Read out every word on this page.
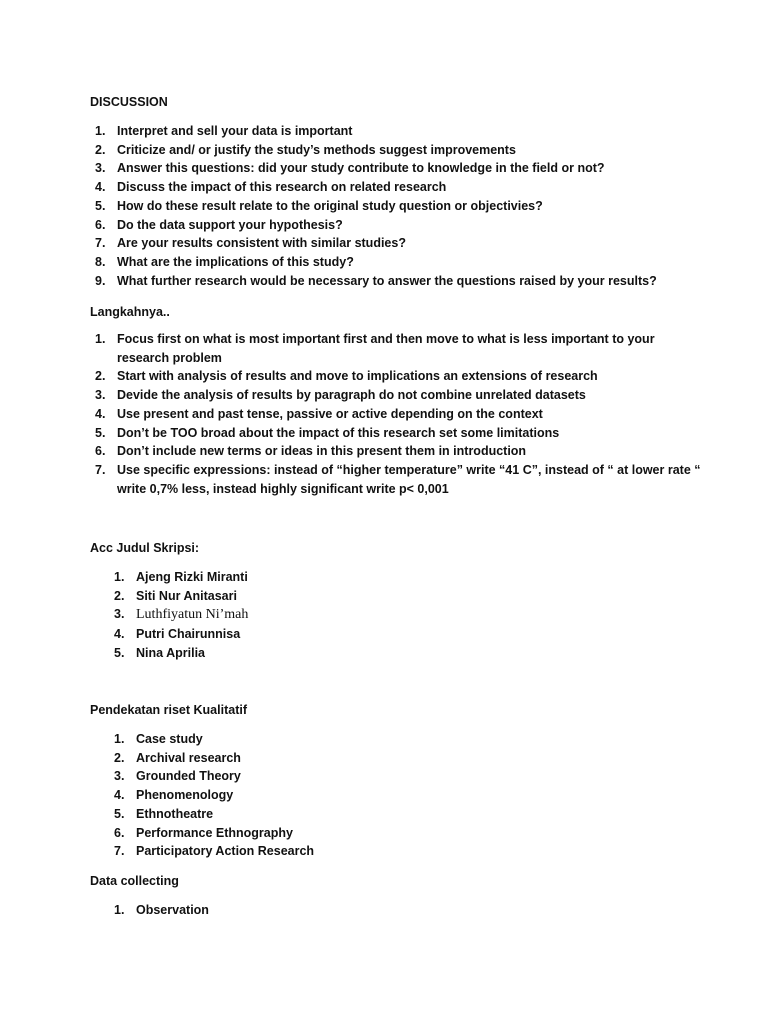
DISCUSSION
1. Interpret and sell your data is important
2. Criticize and/ or justify the study’s methods suggest improvements
3. Answer this questions: did your study contribute to knowledge in the field or not?
4. Discuss the impact of this research on related research
5. How do these result relate to the original study question or objectivies?
6. Do the data support your hypothesis?
7. Are your results consistent with similar studies?
8. What are the implications of this study?
9. What further research would be necessary to answer the questions raised by your results?
Langkahnya..
1. Focus first on what is most important first and then move to what is less important to your research problem
2. Start with analysis of results and move to implications an extensions of research
3. Devide the analysis of results by paragraph do not combine unrelated datasets
4. Use present and past tense, passive or active depending on the context
5. Don’t be TOO broad about the impact of this research set some limitations
6. Don’t include new terms or ideas in this present them in introduction
7. Use specific expressions: instead of “higher temperature” write “41 C”, instead of “ at lower rate “ write 0,7% less, instead highly significant write p< 0,001
Acc Judul Skripsi:
1. Ajeng Rizki Miranti
2. Siti Nur Anitasari
3. Luthfiyatun Ni’mah
4. Putri Chairunnisa
5. Nina Aprilia
Pendekatan riset Kualitatif
1. Case study
2. Archival research
3. Grounded Theory
4. Phenomenology
5. Ethnotheatre
6. Performance Ethnography
7. Participatory Action Research
Data collecting
1. Observation
